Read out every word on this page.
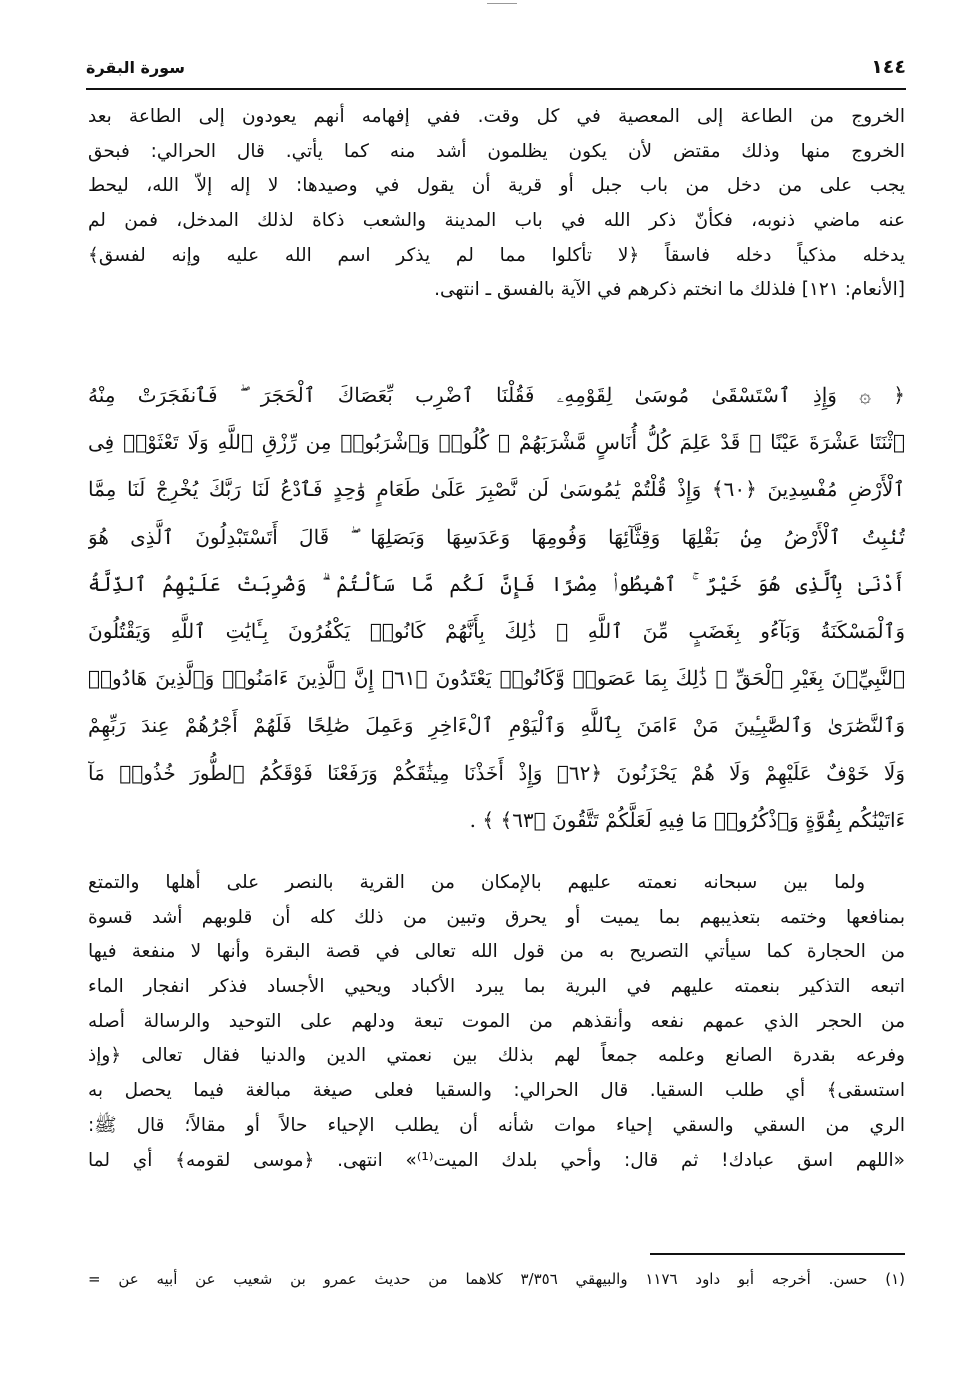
١٤٤
سورة البقرة
الخروج من الطاعة إلى المعصية في كل وقت. ففي إفهامه أنهم يعودون إلى الطاعة بعد
الخروج منها وذلك مقتض لأن يكون يظلمون أشد منه كما يأتي. قال الحرالي: فبحق
يجب على من دخل من باب جبل أو قرية أن يقول في وصيدها: لا إله إلاّ الله، ليحط
عنه ماضي ذنوبه، فكأنّ ذكر الله في باب المدينة والشعب ذكاة لذلك المدخل، فمن لم
يدخله مذكياً دخله فاسقاً ﴿لا تأكلوا مما لم يذكر اسم الله عليه وإنه لفسق﴾
[الأنعام: ١٢١] فلذلك ما انختم ذكرهم في الآية بالفسق ـ انتهى.
﴿ ۞ وَإِذِ ٱسْتَسْقَىٰ مُوسَىٰ لِقَوْمِهِۦ فَقُلْنَا ٱضْرِب بِّعَصَاكَ ٱلْحَجَرَ ۖ فَٱنفَجَرَتْ مِنْهُ
ٱثْنَتَا عَشْرَةَ عَيْنًا ۖ قَدْ عَلِمَ كُلُّ أُنَاسٍ مَّشْرَبَهُمْ ۖ كُلُوا۟ وَٱشْرَبُوا۟ مِن رِّزْقِ ٱللَّهِ وَلَا تَعْثَوْا۟ فِى
ٱلْأَرْضِ مُفْسِدِينَ ﴿٦٠﴾ وَإِذْ قُلْتُمْ يَٰمُوسَىٰ لَن نَّصْبِرَ عَلَىٰ طَعَامٍ وَٰحِدٍ فَٱدْعُ لَنَا رَبَّكَ يُخْرِجْ لَنَا مِمَّا
تُنۢبِتُ ٱلْأَرْضُ مِنۢ بَقْلِهَا وَقِثَّآئِهَا وَفُومِهَا وَعَدَسِهَا وَبَصَلِهَا ۖ قَالَ أَتَسْتَبْدِلُونَ ٱلَّذِى هُوَ
أَدْنَىٰ بِٱلَّذِى هُوَ خَيْرٌ ۚ ٱهْبِطُوا۟ مِصْرًا فَإِنَّ لَكُم مَّا سَأَلْتُمْ ۗ وَضُرِبَتْ عَلَيْهِمُ ٱلذِّلَّةُ
وَٱلْمَسْكَنَةُ وَبَآءُو بِغَضَبٍ مِّنَ ٱللَّهِ ۗ ذَٰلِكَ بِأَنَّهُمْ كَانُوا۟ يَكْفُرُونَ بِـَٔايَٰتِ ٱللَّهِ وَيَقْتُلُونَ
ٱلنَّبِيِّۦنَ بِغَيْرِ ٱلْحَقِّ ۗ ذَٰلِكَ بِمَا عَصَوا۟ وَّكَانُوا۟ يَعْتَدُونَ ﴿٦١﴾ إِنَّ ٱلَّذِينَ ءَامَنُوا۟ وَٱلَّذِينَ هَادُوا۟
وَٱلنَّصَٰرَىٰ وَٱلصَّٰبِـِٔينَ مَنْ ءَامَنَ بِٱللَّهِ وَٱلْيَوْمِ ٱلْءَاخِرِ وَعَمِلَ صَٰلِحًا فَلَهُمْ أَجْرُهُمْ عِندَ رَبِّهِمْ
وَلَا خَوْفٌ عَلَيْهِمْ وَلَا هُمْ يَحْزَنُونَ ﴿٦٢﴾ وَإِذْ أَخَذْنَا مِيثَٰقَكُمْ وَرَفَعْنَا فَوْقَكُمُ ٱلطُّورَ خُذُوا۟ مَآ
ءَاتَيْنَٰكُم بِقُوَّةٍ وَٱذْكُرُوا۟ مَا فِيهِ لَعَلَّكُمْ تَتَّقُونَ ﴿٦٣﴾ ﴾ .
ولما بين سبحانه نعمته عليهم بالإمكان من القرية بالنصر على أهلها والتمتع
بمنافعها وختمه بتعذيبهم بما يميت أو يحرق وتبين من ذلك كله أن قلوبهم أشد قسوة
من الحجارة كما سيأتي التصريح به من قول الله تعالى في قصة البقرة وأنها لا منفعة فيها
اتبعه التذكير بنعمته عليهم في البرية بما يبرد الأكباد ويحيي الأجساد فذكر انفجار الماء
من الحجر الذي عمهم نفعه وأنقذهم من الموت تبعة ودلهم على التوحيد والرسالة أصله
وفرعه بقدرة الصانع وعلمه جمعاً لهم بذلك بين نعمتي الدين والدنيا فقال تعالى ﴿وإذ
استسقى﴾ أي طلب السقيا. قال الحرالي: والسقيا فعلى صيغة مبالغة فيما يحصل به
الري من السقي والسقي إحياء موات شأنه أن يطلب الإحياء حالاً أو مقالاً؛ قال ﷺ:
«اللهم اسق عبادك! ثم قال: وأحي بلدك الميت⁽¹⁾» انتهى. ﴿موسى لقومه﴾ أي لما
(١) حسن. أخرجه أبو داود ١١٧٦ والبيهقي ٣/٣٥٦ كلاهما من حديث عمرو بن شعيب عن أبيه عن =
